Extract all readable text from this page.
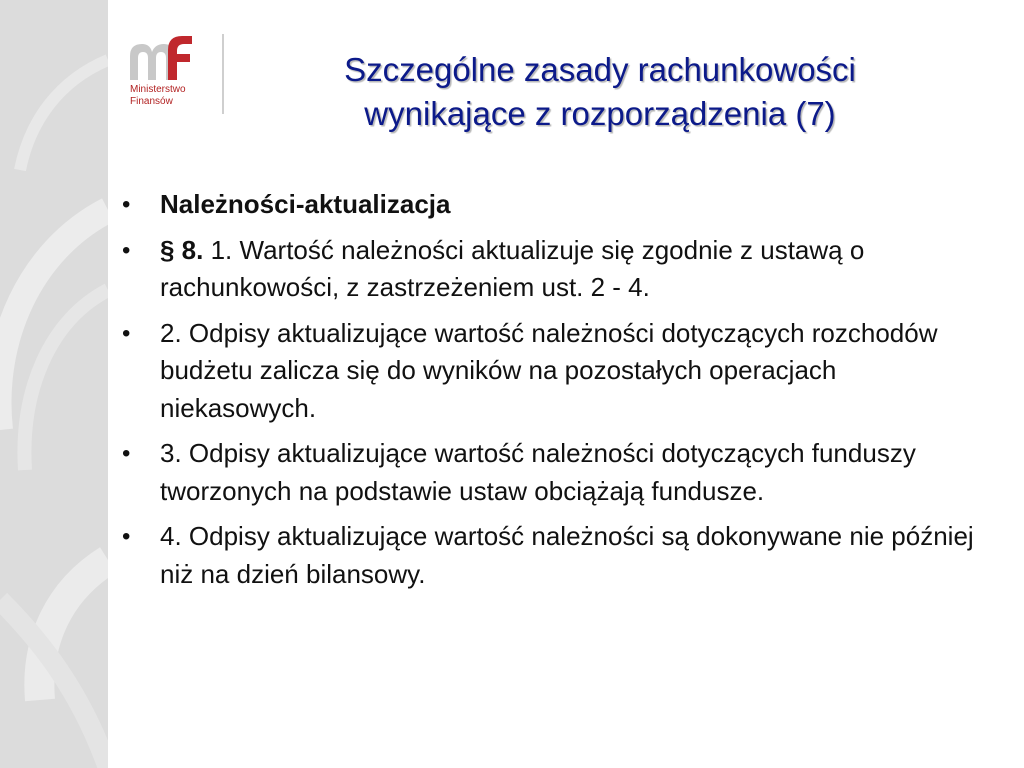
Ministerstwo
Finansów
Szczególne zasady rachunkowości
wynikające z rozporządzenia (7)
• Należności-aktualizacja
• § 8. 1. Wartość należności aktualizuje się zgodnie z ustawą o rachunkowości, z zastrzeżeniem ust. 2 - 4.
• 2. Odpisy aktualizujące wartość należności dotyczących rozchodów budżetu zalicza się do wyników na pozostałych operacjach niekasowych.
• 3. Odpisy aktualizujące wartość należności dotyczących funduszy tworzonych na podstawie ustaw obciążają fundusze.
• 4. Odpisy aktualizujące wartość należności są dokonywane nie później niż na dzień bilansowy.
